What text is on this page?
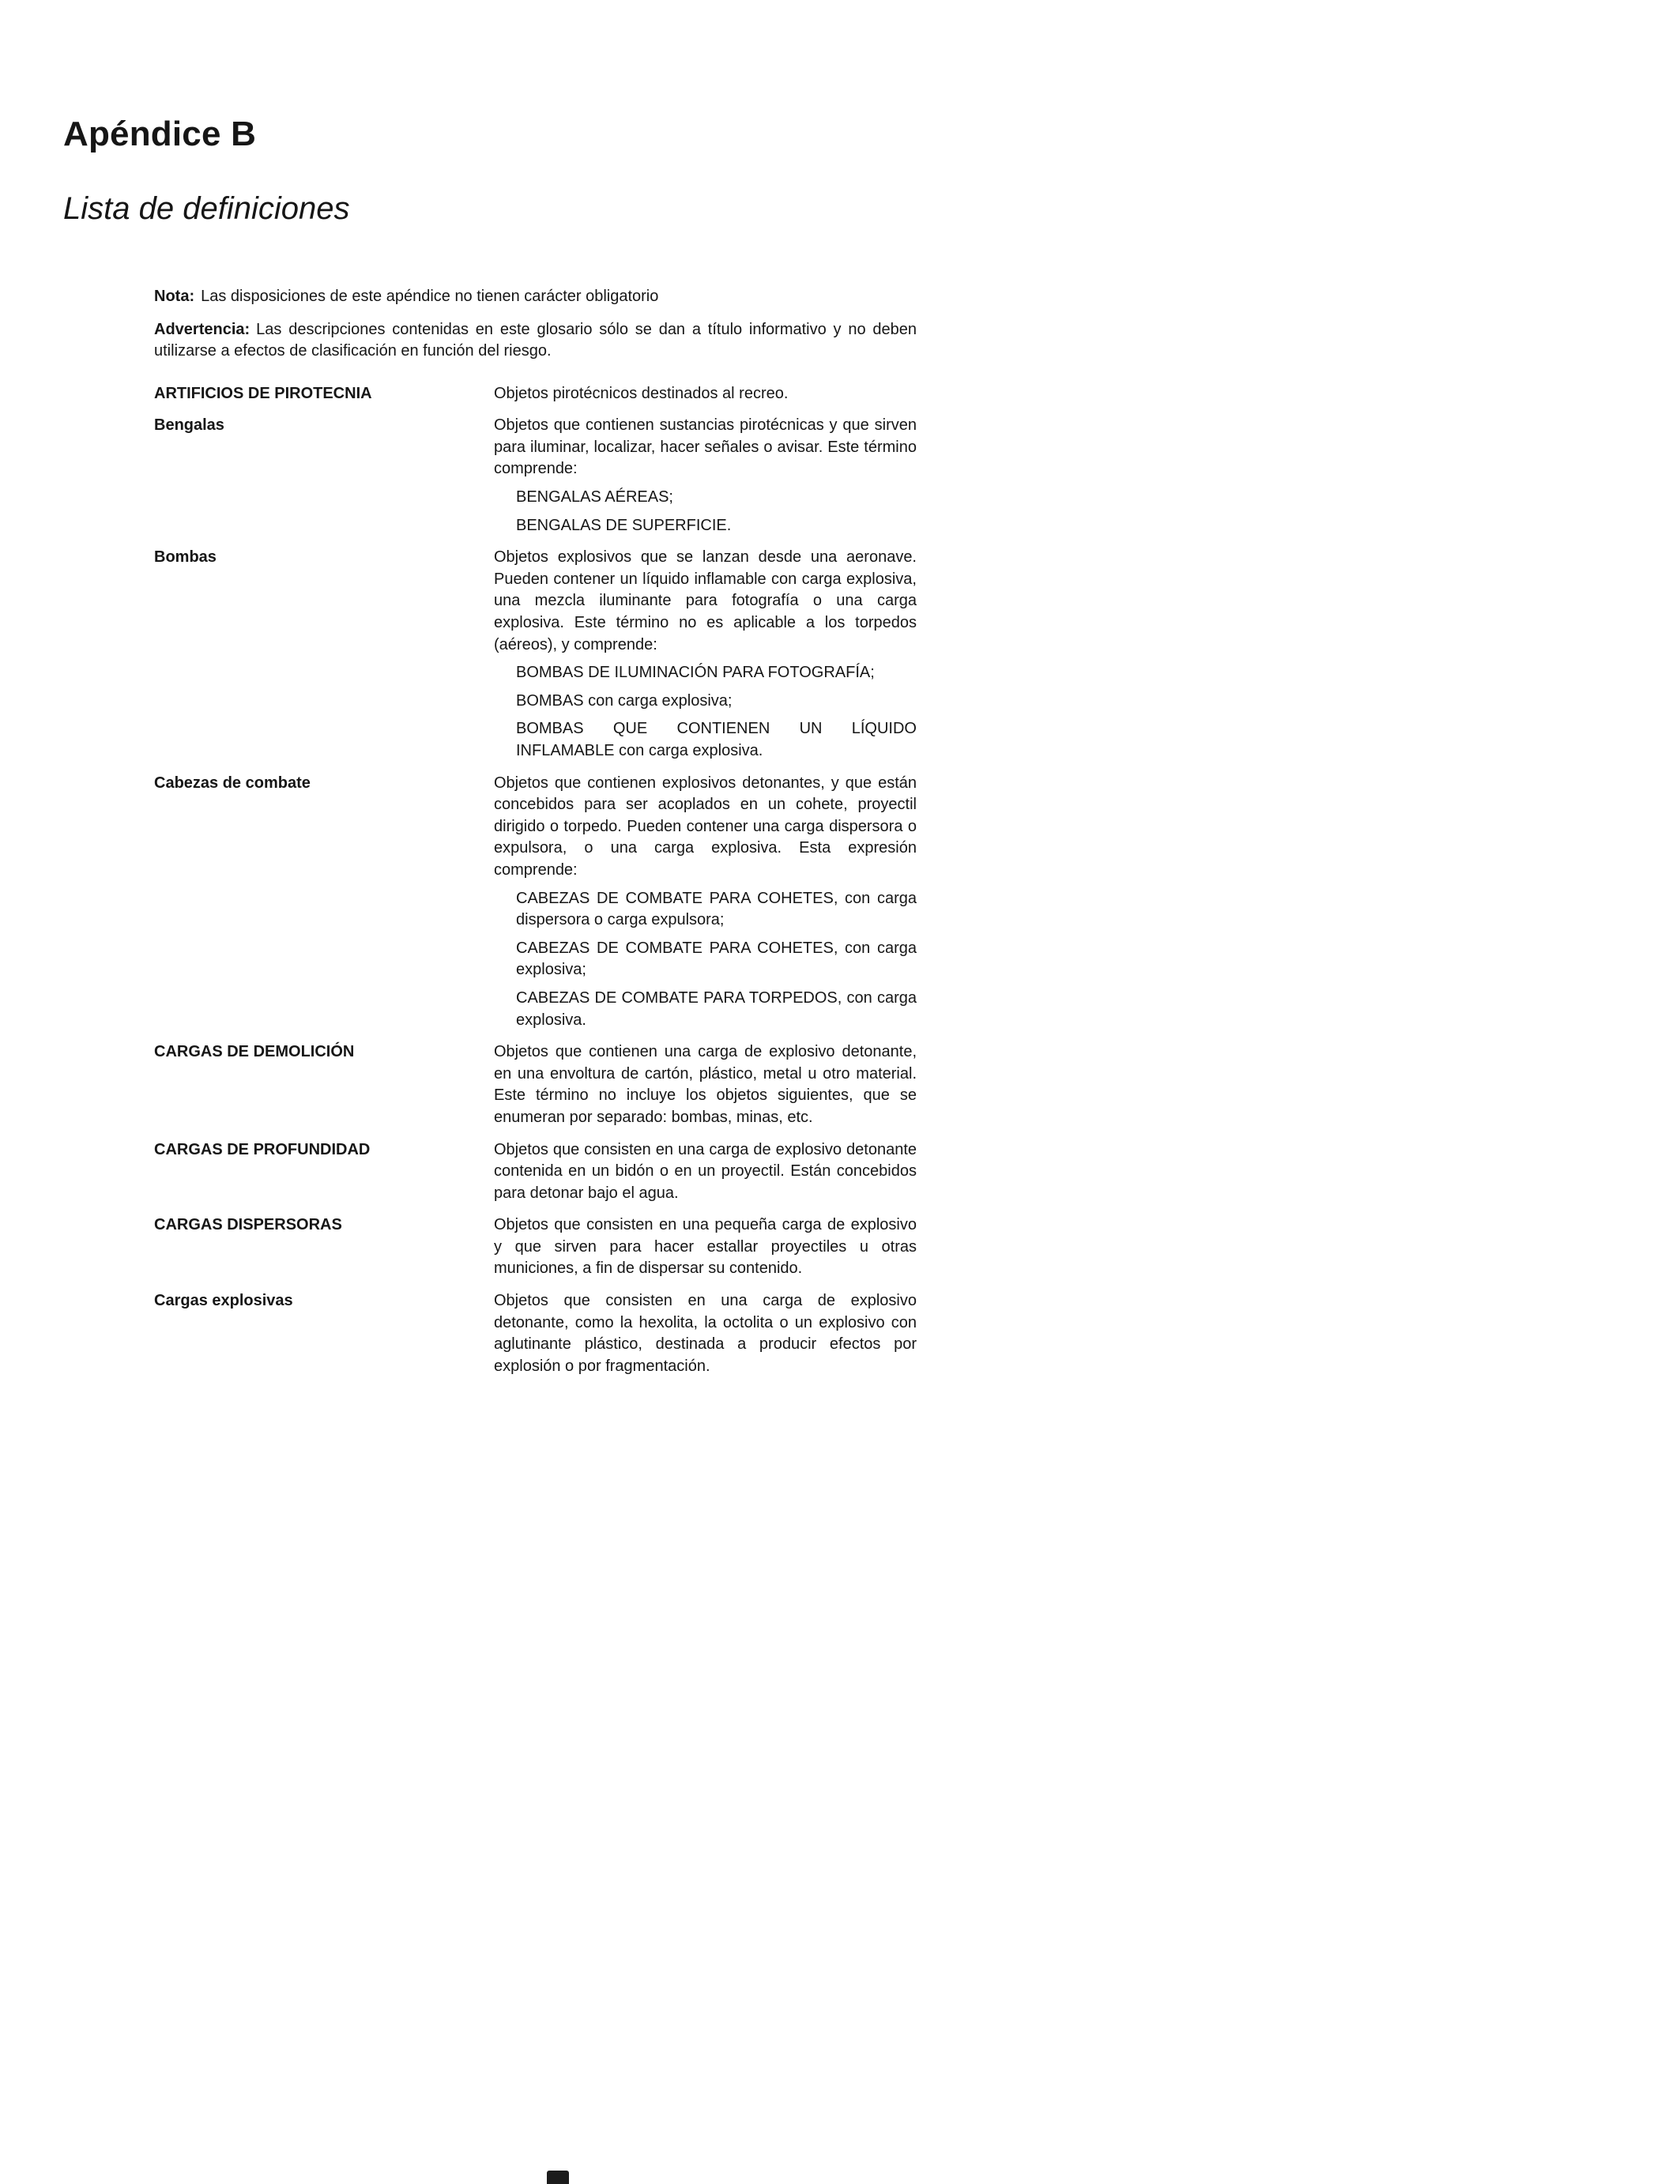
Apéndice B
Lista de definiciones

Nota: Las disposiciones de este apéndice no tienen carácter obligatorio

Advertencia: Las descripciones contenidas en este glosario sólo se dan a título informativo y no deben utilizarse a efectos de clasificación en función del riesgo.

ARTIFICIOS DE PIROTECNIA	Objetos pirotécnicos destinados al recreo.

Bengalas	Objetos que contienen sustancias pirotécnicas y que sirven para iluminar, localizar, hacer señales o avisar. Este término comprende:

BENGALAS AÉREAS;

BENGALAS DE SUPERFICIE.

Bombas	Objetos explosivos que se lanzan desde una aeronave. Pueden contener un líquido inflamable con carga explosiva, una mezcla iluminante para fotografía o una carga explosiva. Este término no es aplicable a los torpedos (aéreos), y comprende:

BOMBAS DE ILUMINACIÓN PARA FOTOGRAFÍA;

BOMBAS con carga explosiva;

BOMBAS QUE CONTIENEN UN LÍQUIDO INFLAMABLE con carga explosiva.

Cabezas de combate	Objetos que contienen explosivos detonantes, y que están concebidos para ser acoplados en un cohete, proyectil dirigido o torpedo. Pueden contener una carga dispersora o expulsora, o una carga explosiva. Esta expresión comprende:

CABEZAS DE COMBATE PARA COHETES, con carga dispersora o carga expulsora;

CABEZAS DE COMBATE PARA COHETES, con carga explosiva;

CABEZAS DE COMBATE PARA TORPEDOS, con carga explosiva.

CARGAS DE DEMOLICIÓN	Objetos que contienen una carga de explosivo detonante, en una envoltura de cartón, plástico, metal u otro material. Este término no incluye los objetos siguientes, que se enumeran por separado: bombas, minas, etc.

CARGAS DE PROFUNDIDAD	Objetos que consisten en una carga de explosivo detonante contenida en un bidón o en un proyectil. Están concebidos para detonar bajo el agua.

CARGAS DISPERSORAS	Objetos que consisten en una pequeña carga de explosivo y que sirven para hacer estallar proyectiles u otras municiones, a fin de dispersar su contenido.

Cargas explosivas	Objetos que consisten en una carga de explosivo detonante, como la hexolita, la octolita o un explosivo con aglutinante plástico, destinada a producir efectos por explosión o por fragmentación.
